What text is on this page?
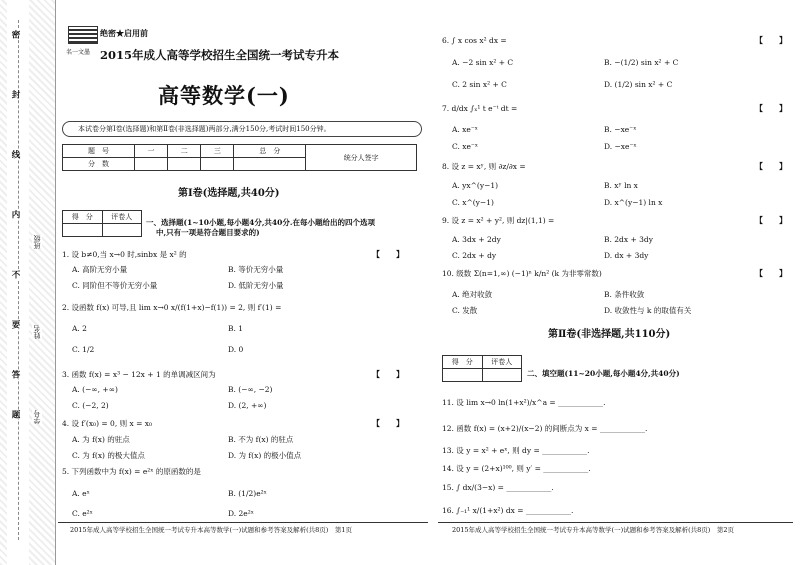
密
封
线
内
不
要
答
题
班级
姓名
学号
名一文墨
绝密★启用前
2015年成人高等学校招生全国统一考试专升本
高等数学(一)
本试卷分第Ⅰ卷(选择题)和第Ⅱ卷(非选择题)两部分,满分150分,考试时间150分钟。
题　号	一	二	三	总　分	统分人签字
分　数					
第Ⅰ卷(选择题,共40分)
得　分	评卷人

一、选择题(1~10小题,每小题4分,共40分.在每小题给出的四个选项
中,只有一项是符合题目要求的)
1. 设 b≠0,当 x→0 时,sinbx 是 x² 的	【　　】
A. 高阶无穷小量	B. 等价无穷小量
C. 同阶但不等价无穷小量	D. 低阶无穷小量
2. 设函数 f(x) 可导,且 lim x→0 x/(f(1+x)−f(1)) = 2, 则 f′(1) =
A. 2	B. 1
C. 1/2	D. 0
3. 函数 f(x) = x³ − 12x + 1 的单调减区间为	【　　】
A. (−∞, +∞)	B. (−∞, −2)
C. (−2, 2)	D. (2, +∞)
4. 设 f′(x₀) = 0, 则 x = x₀	【　　】
A. 为 f(x) 的驻点	B. 不为 f(x) 的驻点
C. 为 f(x) 的极大值点	D. 为 f(x) 的极小值点
5. 下列函数中为 f(x) = e²ˣ 的原函数的是
A. eˣ	B. (1/2)e²ˣ
C. e²ˣ	D. 2e²ˣ
2015年成人高等学校招生全国统一考试专升本高等数学(一)试题和参考答案及解析(共8页)　第1页
6. ∫ x cos x² dx =	【　　】
A. −2 sin x² + C	B. −(1/2) sin x² + C
C. 2 sin x² + C	D. (1/2) sin x² + C
7. d/dx ∫ₓ¹ t e⁻ᵗ dt =	【　　】
A. xe⁻ˣ	B. −xe⁻ˣ
C. xe⁻ˣ	D. −xe⁻ˣ
8. 设 z = xʸ, 则 ∂z/∂x =	【　　】
A. yx^(y−1)	B. xʸ ln x
C. x^(y−1)	D. x^(y−1) ln x
9. 设 z = x² + y², 则 dz|(1,1) =	【　　】
A. 3dx + 2dy	B. 2dx + 3dy
C. 2dx + dy	D. dx + 3dy
10. 级数 Σ(n=1,∞) (−1)ⁿ k/n² (k 为非零常数)	【　　】
A. 绝对收敛	B. 条件收敛
C. 发散	D. 收敛性与 k 的取值有关
第Ⅱ卷(非选择题,共110分)
得　分	评卷人

二、填空题(11~20小题,每小题4分,共40分)
11. 设 lim x→0 ln(1+x²)/x^a = ____________.
12. 函数 f(x) = (x+2)/(x−2) 的间断点为 x = ____________.
13. 设 y = x² + eˣ, 则 dy = ____________.
14. 设 y = (2+x)¹⁰⁰, 则 y′ = ____________.
15. ∫ dx/(3−x) = ____________.
16. ∫₋₁¹ x/(1+x²) dx = ____________.
2015年成人高等学校招生全国统一考试专升本高等数学(一)试题和参考答案及解析(共8页)　第2页
